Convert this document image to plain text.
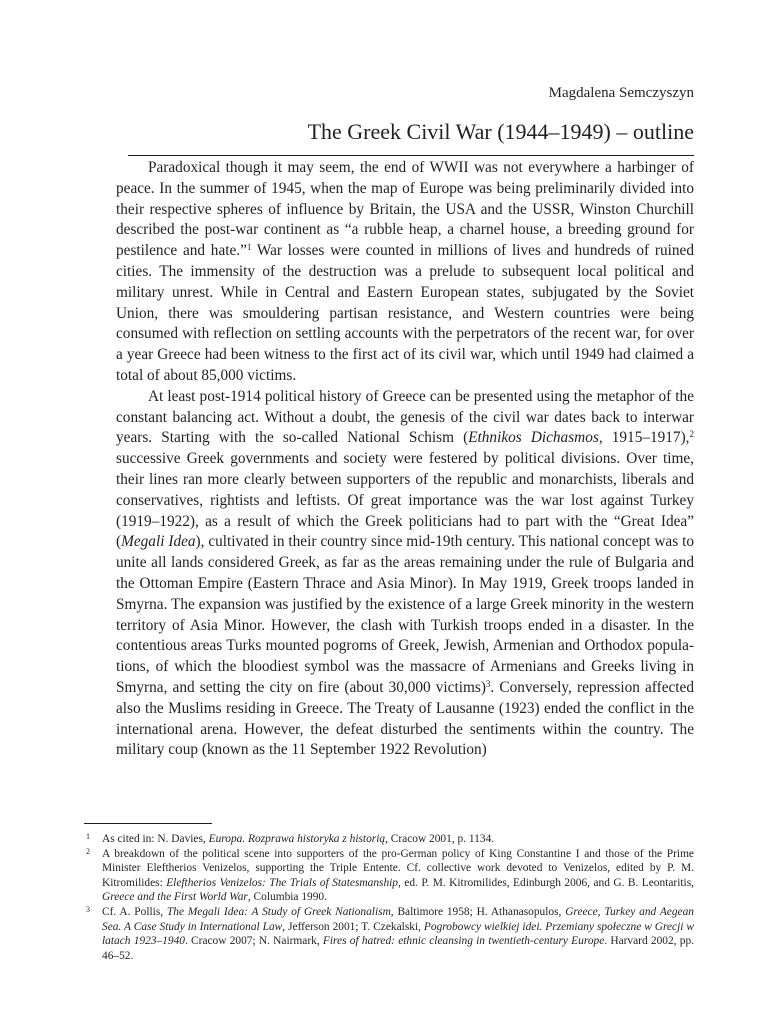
Magdalena Semczyszyn

The Greek Civil War (1944–1949) – outline

Paradoxical though it may seem, the end of WWII was not everywhere a harbinger of peace. In the summer of 1945, when the map of Europe was being preliminarily divided into their respective spheres of influence by Britain, the USA and the USSR, Winston Churchill described the post-war continent as “a rubble heap, a charnel house, a breeding ground for pestilence and hate.”$^1$ War losses were counted in millions of lives and hundreds of ruined cities. The immensity of the destruction was a prelude to subsequent local political and military unrest. While in Central and Eastern European states, subjugated by the Soviet Union, there was smouldering partisan resistance, and Western countries were being consumed with reflection on settling accounts with the perpetrators of the recent war, for over a year Greece had been witness to the first act of its civil war, which until 1949 had claimed a total of about 85,000 victims.

At least post-1914 political history of Greece can be presented using the metaphor of the constant balancing act. Without a doubt, the genesis of the civil war dates back to interwar years. Starting with the so-called National Schism (Ethnikos Dichasmos, 1915–1917),$^2$ successive Greek governments and society were festered by political divisions. Over time, their lines ran more clearly between supporters of the republic and monarchists, liberals and conservatives, rightists and leftists. Of great importance was the war lost against Turkey (1919–1922), as a result of which the Greek politicians had to part with the “Great Idea” (Megali Idea), cultivated in their country since mid-19th century. This national concept was to unite all lands considered Greek, as far as the areas remaining under the rule of Bulgaria and the Ottoman Empire (Eastern Thrace and Asia Minor). In May 1919, Greek troops landed in Smyrna. The expansion was justified by the existence of a large Greek minority in the western territory of Asia Minor. However, the clash with Turkish troops ended in a disaster. In the contentious areas Turks mounted pogroms of Greek, Jewish, Armenian and Orthodox populations, of which the bloodiest symbol was the massacre of Armenians and Greeks living in Smyrna, and setting the city on fire (about 30,000 victims)$^3$. Conversely, repression affected also the Muslims residing in Greece. The Treaty of Lausanne (1923) ended the conflict in the international arena. However, the defeat disturbed the sentiments within the country. The military coup (known as the 11 September 1922 Revolution)

1 As cited in: N. Davies, Europa. Rozprawa historyka z historią, Cracow 2001, p. 1134.
2 A breakdown of the political scene into supporters of the pro-German policy of King Constantine I and those of the Prime Minister Eleftherios Venizelos, supporting the Triple Entente. Cf. collective work devoted to Venizelos, edited by P. M. Kitromilides: Eleftherios Venizelos: The Trials of Statesmanship, ed. P. M. Kitromilides, Edinburgh 2006, and G. B. Leontaritis, Greece and the First World War, Columbia 1990.
3 Cf. A. Pollis, The Megali Idea: A Study of Greek Nationalism, Baltimore 1958; H. Athanasopulos, Greece, Turkey and Aegean Sea. A Case Study in International Law, Jefferson 2001; T. Czekalski, Pogrobowcy wielkiej idei. Przemiany społeczne w Grecji w latach 1923–1940. Cracow 2007; N. Nairmark, Fires of hatred: ethnic cleansing in twentieth-century Europe. Harvard 2002, pp. 46–52.
